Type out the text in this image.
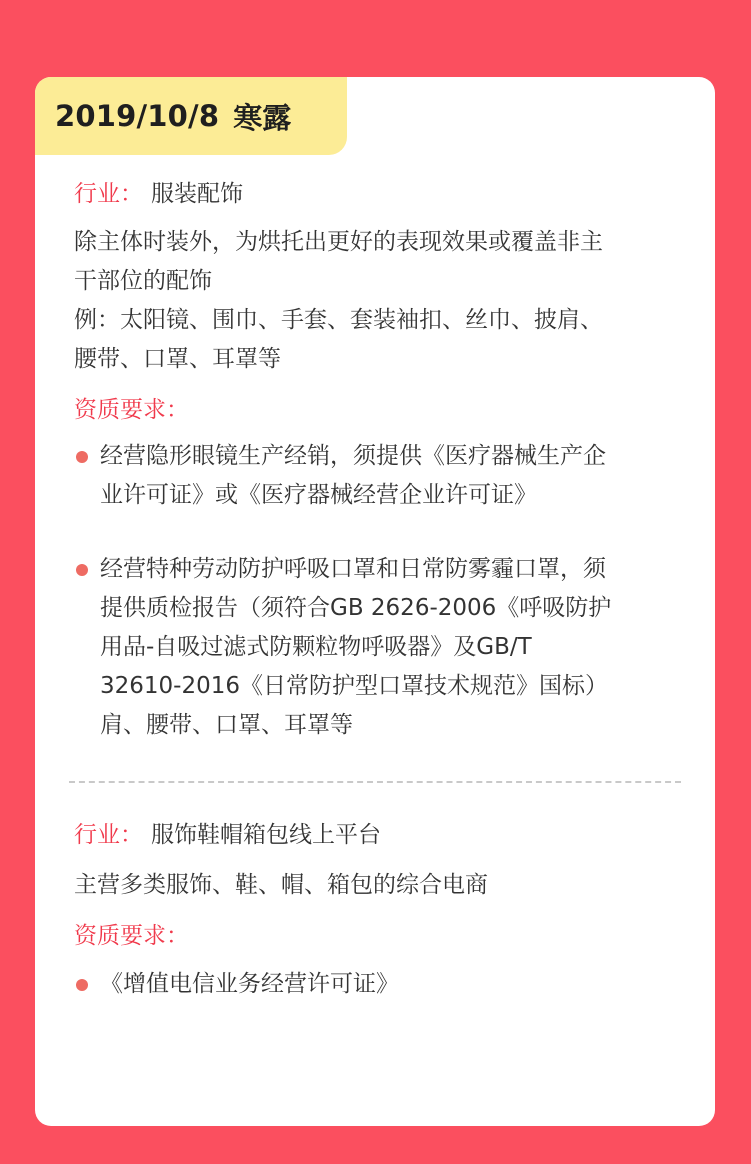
2019/10/8 寒露
行业： 服装配饰

除主体时装外，为烘托出更好的表现效果或覆盖非主

干部位的配饰

例：太阳镜、围巾、手套、套装袖扣、丝巾、披肩、

腰带、口罩、耳罩等

资质要求：

经营隐形眼镜生产经销，须提供《医疗器械生产企

业许可证》或《医疗器械经营企业许可证》

经营特种劳动防护呼吸口罩和日常防雾霾口罩，须

提供质检报告（须符合GB 2626-2006《呼吸防护

用品-自吸过滤式防颗粒物呼吸器》及GB/T

32610-2016《日常防护型口罩技术规范》国标）

肩、腰带、口罩、耳罩等

行业： 服饰鞋帽箱包线上平台

主营多类服饰、鞋、帽、箱包的综合电商

资质要求：

《增值电信业务经营许可证》
